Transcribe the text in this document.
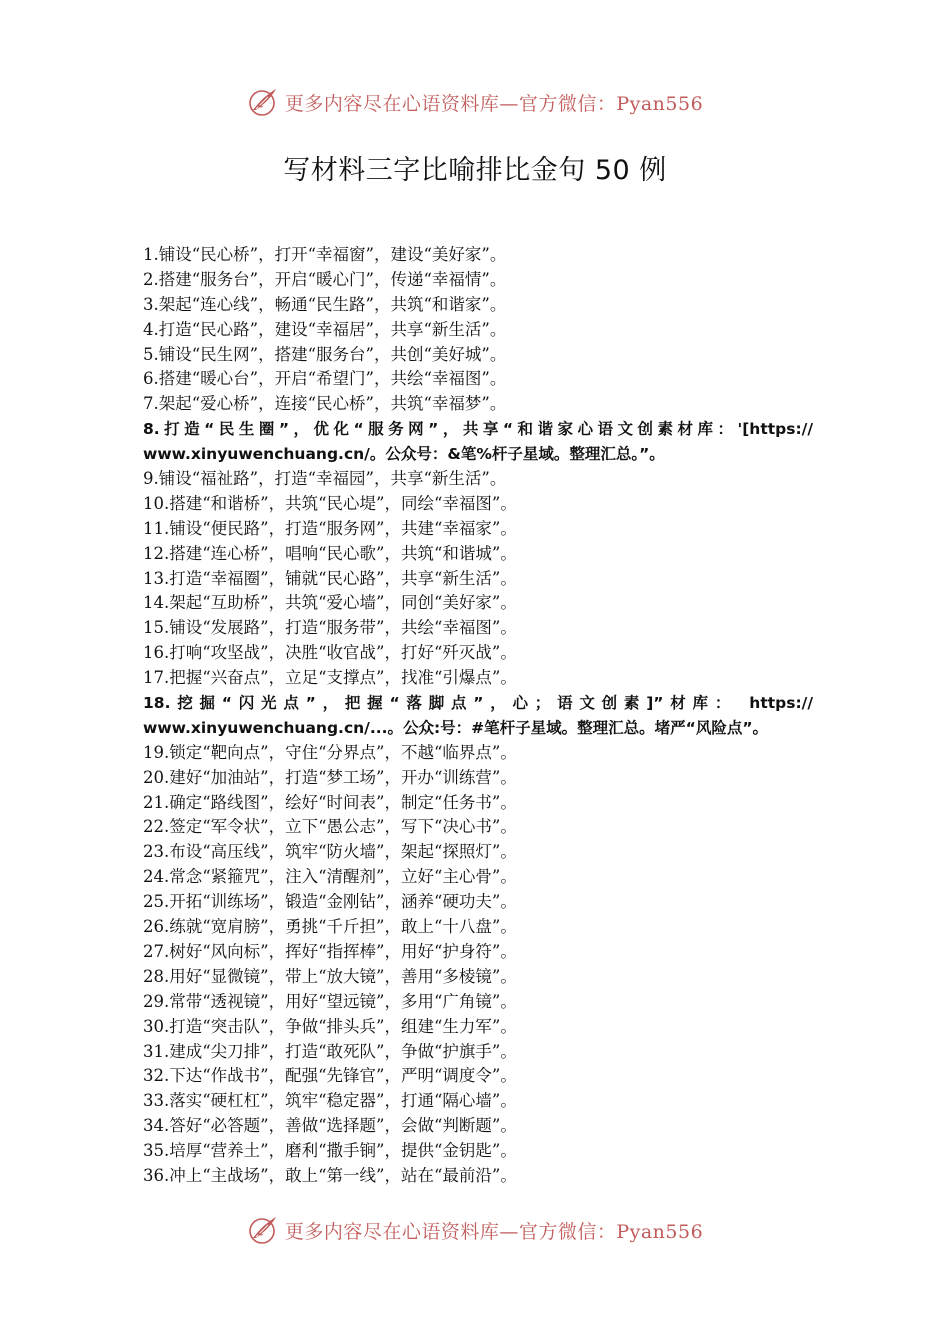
更多内容尽在心语资料库—官方微信：Pyan556
写材料三字比喻排比金句 50 例
1.铺设“民心桥”，打开“幸福窗”，建设“美好家”。
2.搭建“服务台”，开启“暖心门”，传递“幸福情”。
3.架起“连心线”，畅通“民生路”，共筑“和谐家”。
4.打造“民心路”，建设“幸福居”，共享“新生活”。
5.铺设“民生网”，搭建“服务台”，共创“美好城”。
6.搭建“暖心台”，开启“希望门”，共绘“幸福图”。
7.架起“爱心桥”，连接“民心桥”，共筑“幸福梦”。
8.打造“民生圈”，优化“服务网”，共享“和谐家心语文创素材库：'[https://
www.xinyuwenchuang.cn/。公众号：&笔%杆子星域。整理汇总。”。
9.铺设“福祉路”，打造“幸福园”，共享“新生活”。
10.搭建“和谐桥”，共筑“民心堤”，同绘“幸福图”。
11.铺设“便民路”，打造“服务网”，共建“幸福家”。
12.搭建“连心桥”，唱响“民心歌”，共筑“和谐城”。
13.打造“幸福圈”，铺就“民心路”，共享“新生活”。
14.架起“互助桥”，共筑“爱心墙”，同创“美好家”。
15.铺设“发展路”，打造“服务带”，共绘“幸福图”。
16.打响“攻坚战”，决胜“收官战”，打好“歼灭战”。
17.把握“兴奋点”，立足“支撑点”，找准“引爆点”。
18.挖掘“闪光点”，把握“落脚点”，心；语文创素]”材库： https://
www.xinyuwenchuang.cn/...。公众:号：#笔杆子星域。整理汇总。堵严“风险点”。
19.锁定“靶向点”，守住“分界点”，不越“临界点”。
20.建好“加油站”，打造“梦工场”，开办“训练营”。
21.确定“路线图”，绘好“时间表”，制定“任务书”。
22.签定“军令状”，立下“愚公志”，写下“决心书”。
23.布设“高压线”，筑牢“防火墙”，架起“探照灯”。
24.常念“紧箍咒”，注入“清醒剂”，立好“主心骨”。
25.开拓“训练场”，锻造“金刚钻”，涵养“硬功夫”。
26.练就“宽肩膀”，勇挑“千斤担”，敢上“十八盘”。
27.树好“风向标”，挥好“指挥棒”，用好“护身符”。
28.用好“显微镜”，带上“放大镜”，善用“多棱镜”。
29.常带“透视镜”，用好“望远镜”，多用“广角镜”。
30.打造“突击队”，争做“排头兵”，组建“生力军”。
31.建成“尖刀排”，打造“敢死队”，争做“护旗手”。
32.下达“作战书”，配强“先锋官”，严明“调度令”。
33.落实“硬杠杠”，筑牢“稳定器”，打通“隔心墙”。
34.答好“必答题”，善做“选择题”，会做“判断题”。
35.培厚“营养土”，磨利“撒手锏”，提供“金钥匙”。
36.冲上“主战场”，敢上“第一线”，站在“最前沿”。
更多内容尽在心语资料库—官方微信：Pyan556
